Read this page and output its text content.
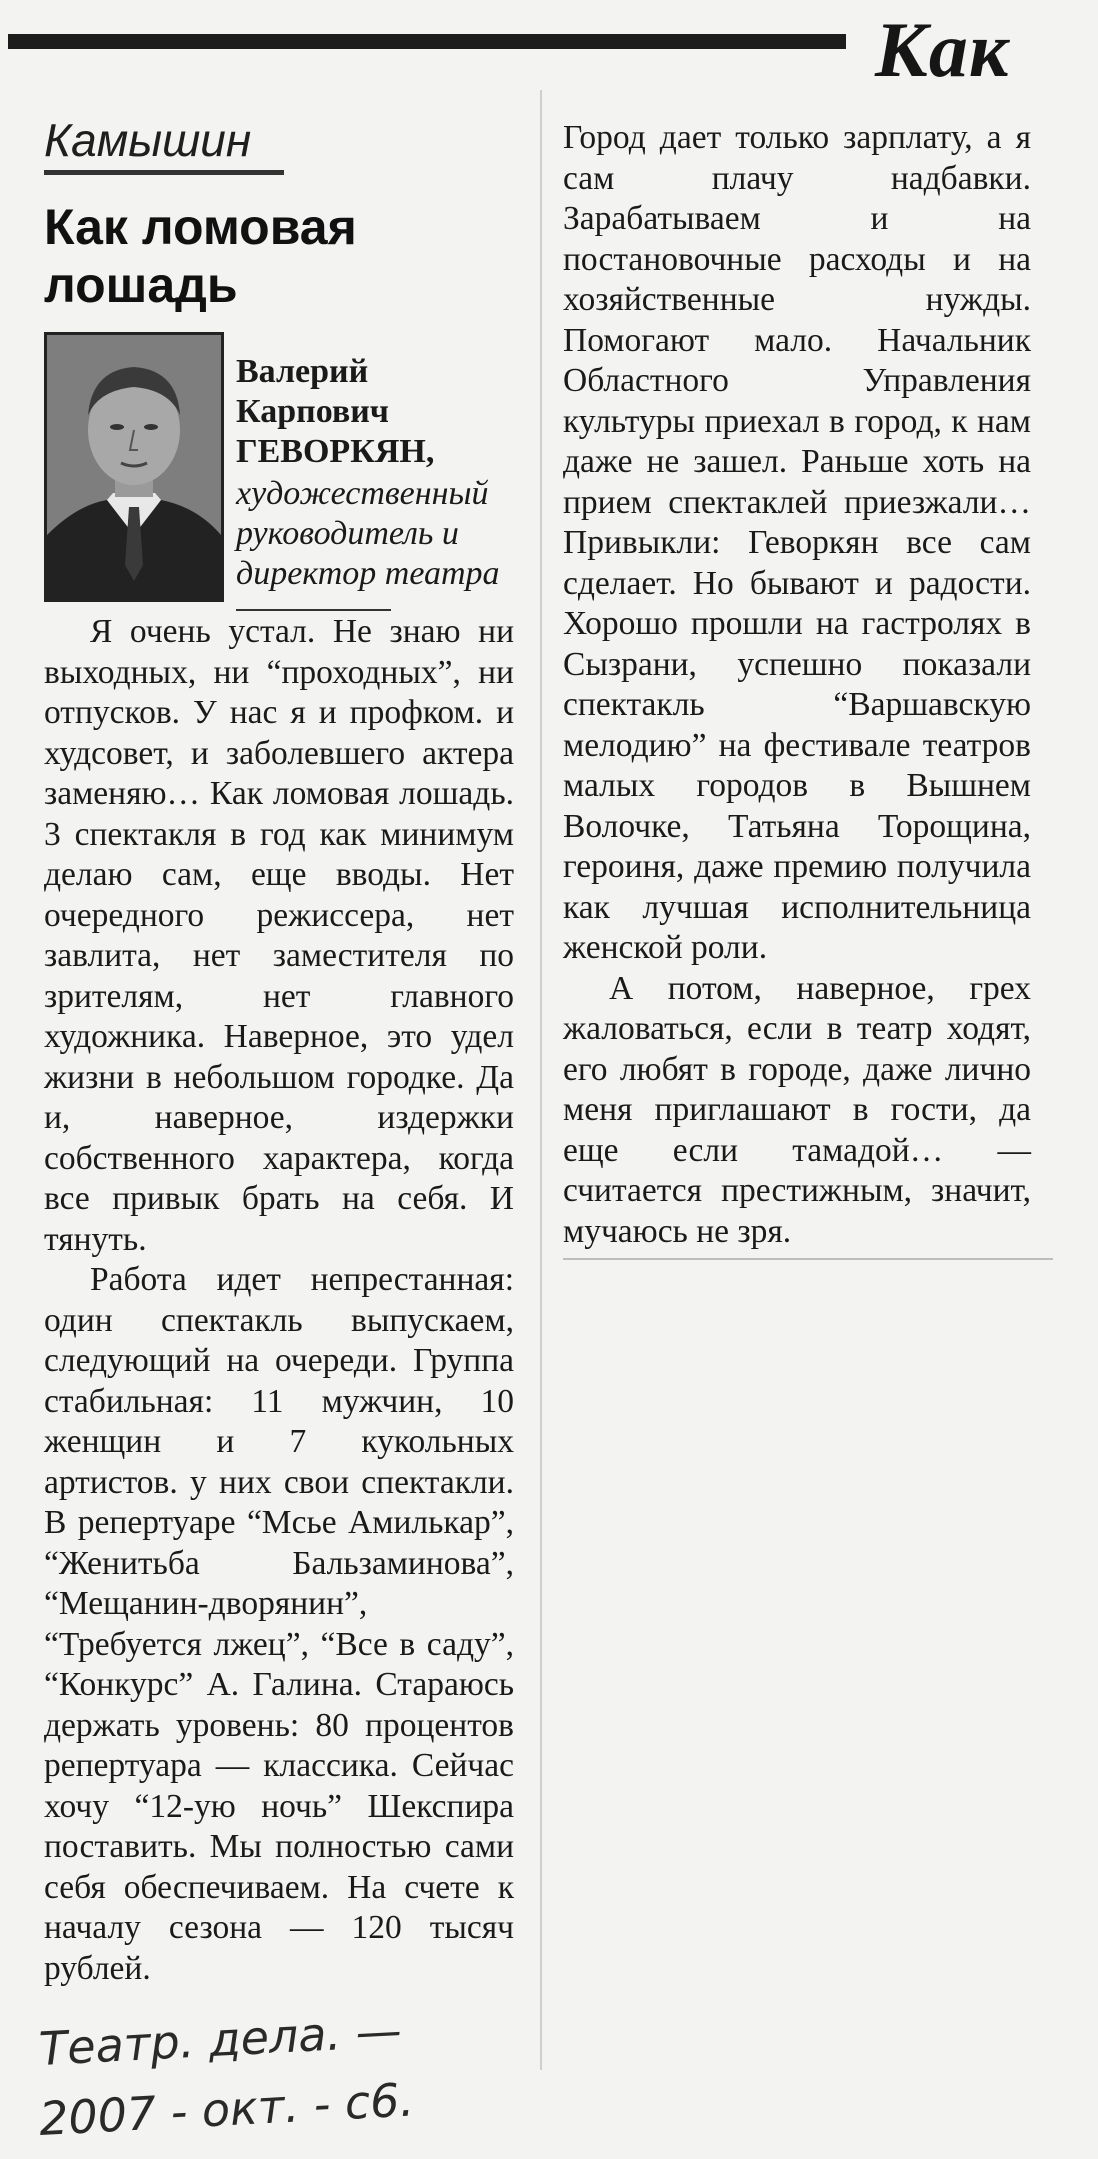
Как
Камышин
Как ломовая лошадь
Валерий Карпович ГЕВОРКЯН,
художественный руководитель и директор театра

Я очень устал. Не знаю ни выходных, ни “проходных”, ни отпусков. У нас я и профком. и худсовет, и заболевшего актера заменяю… Как ломовая лошадь. 3 спектакля в год как минимум делаю сам, еще вводы. Нет очередного режиссера, нет завлита, нет заместителя по зрителям, нет главного художника. Наверное, это удел жизни в небольшом городке. Да и, наверное, издержки собственного характера, когда все привык брать на себя. И тянуть.

Работа идет непрестанная: один спектакль выпускаем, следующий на очереди. Группа стабильная: 11 мужчин, 10 женщин и 7 кукольных артистов. у них свои спектакли. В репертуаре “Мсье Амилькар”, “Женитьба Бальзаминова”, “Мещанин-дворянин”, “Требуется лжец”, “Все в саду”, “Конкурс” А. Галина. Стараюсь держать уровень: 80 процентов репертуара — классика. Сейчас хочу “12-ую ночь” Шекспира поставить. Мы полностью сами себя обеспечиваем. На счете к началу сезона — 120 тысяч рублей.

Город дает только зарплату, а я сам плачу надбавки. Зарабатываем и на постановочные расходы и на хозяйственные нужды. Помогают мало. Начальник Областного Управления культуры приехал в город, к нам даже не зашел. Раньше хоть на прием спектаклей приезжали… Привыкли: Геворкян все сам сделает. Но бывают и радости. Хорошо прошли на гастролях в Сызрани, успешно показали спектакль “Варшавскую мелодию” на фестивале театров малых городов в Вышнем Волочке, Татьяна Торощина, героиня, даже премию получила как лучшая исполнительница женской роли.

А потом, наверное, грех жаловаться, если в театр ходят, его любят в городе, даже лично меня приглашают в гости, да еще если тамадой… — считается престижным, значит, мучаюсь не зря.

Театр. дела. —
2007 - окт. - с6.
